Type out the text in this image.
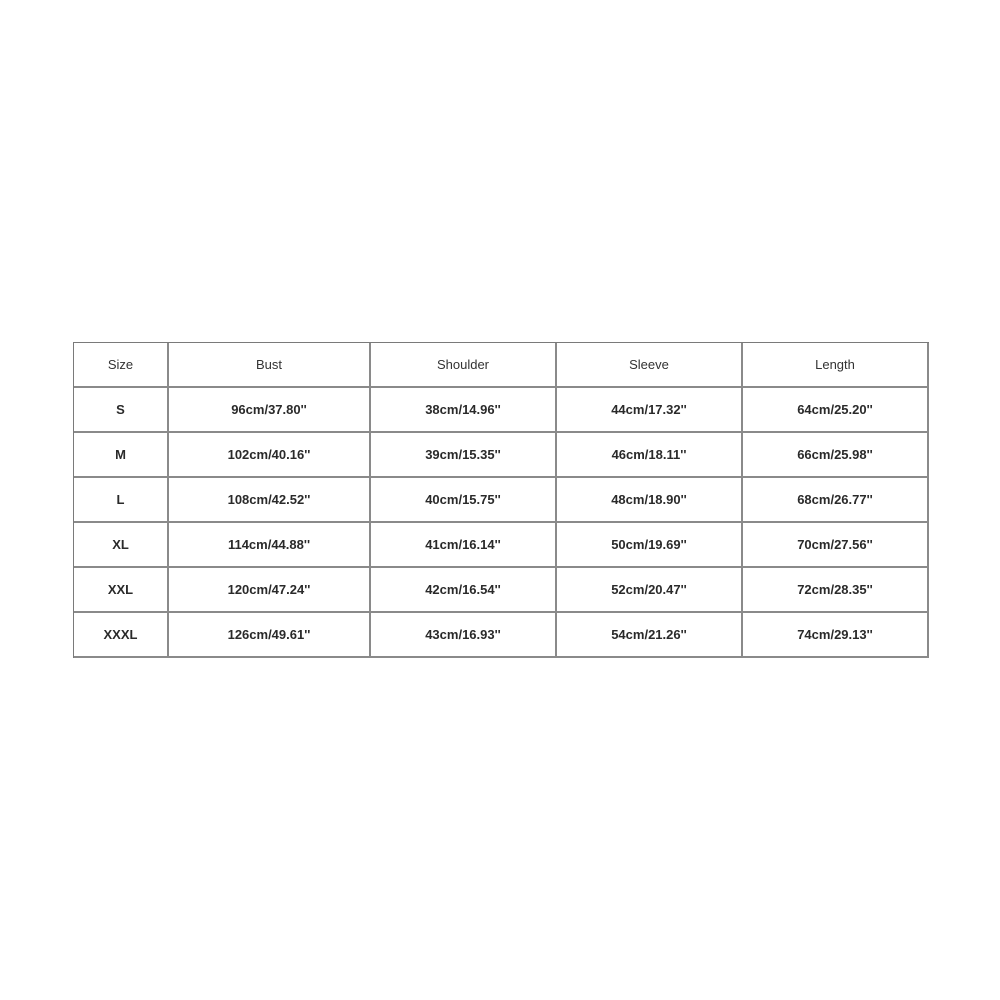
Size	Bust	Shoulder	Sleeve	Length
S	96cm/37.80''	38cm/14.96''	44cm/17.32''	64cm/25.20''
M	102cm/40.16''	39cm/15.35''	46cm/18.11''	66cm/25.98''
L	108cm/42.52''	40cm/15.75''	48cm/18.90''	68cm/26.77''
XL	114cm/44.88''	41cm/16.14''	50cm/19.69''	70cm/27.56''
XXL	120cm/47.24''	42cm/16.54''	52cm/20.47''	72cm/28.35''
XXXL	126cm/49.61''	43cm/16.93''	54cm/21.26''	74cm/29.13''
